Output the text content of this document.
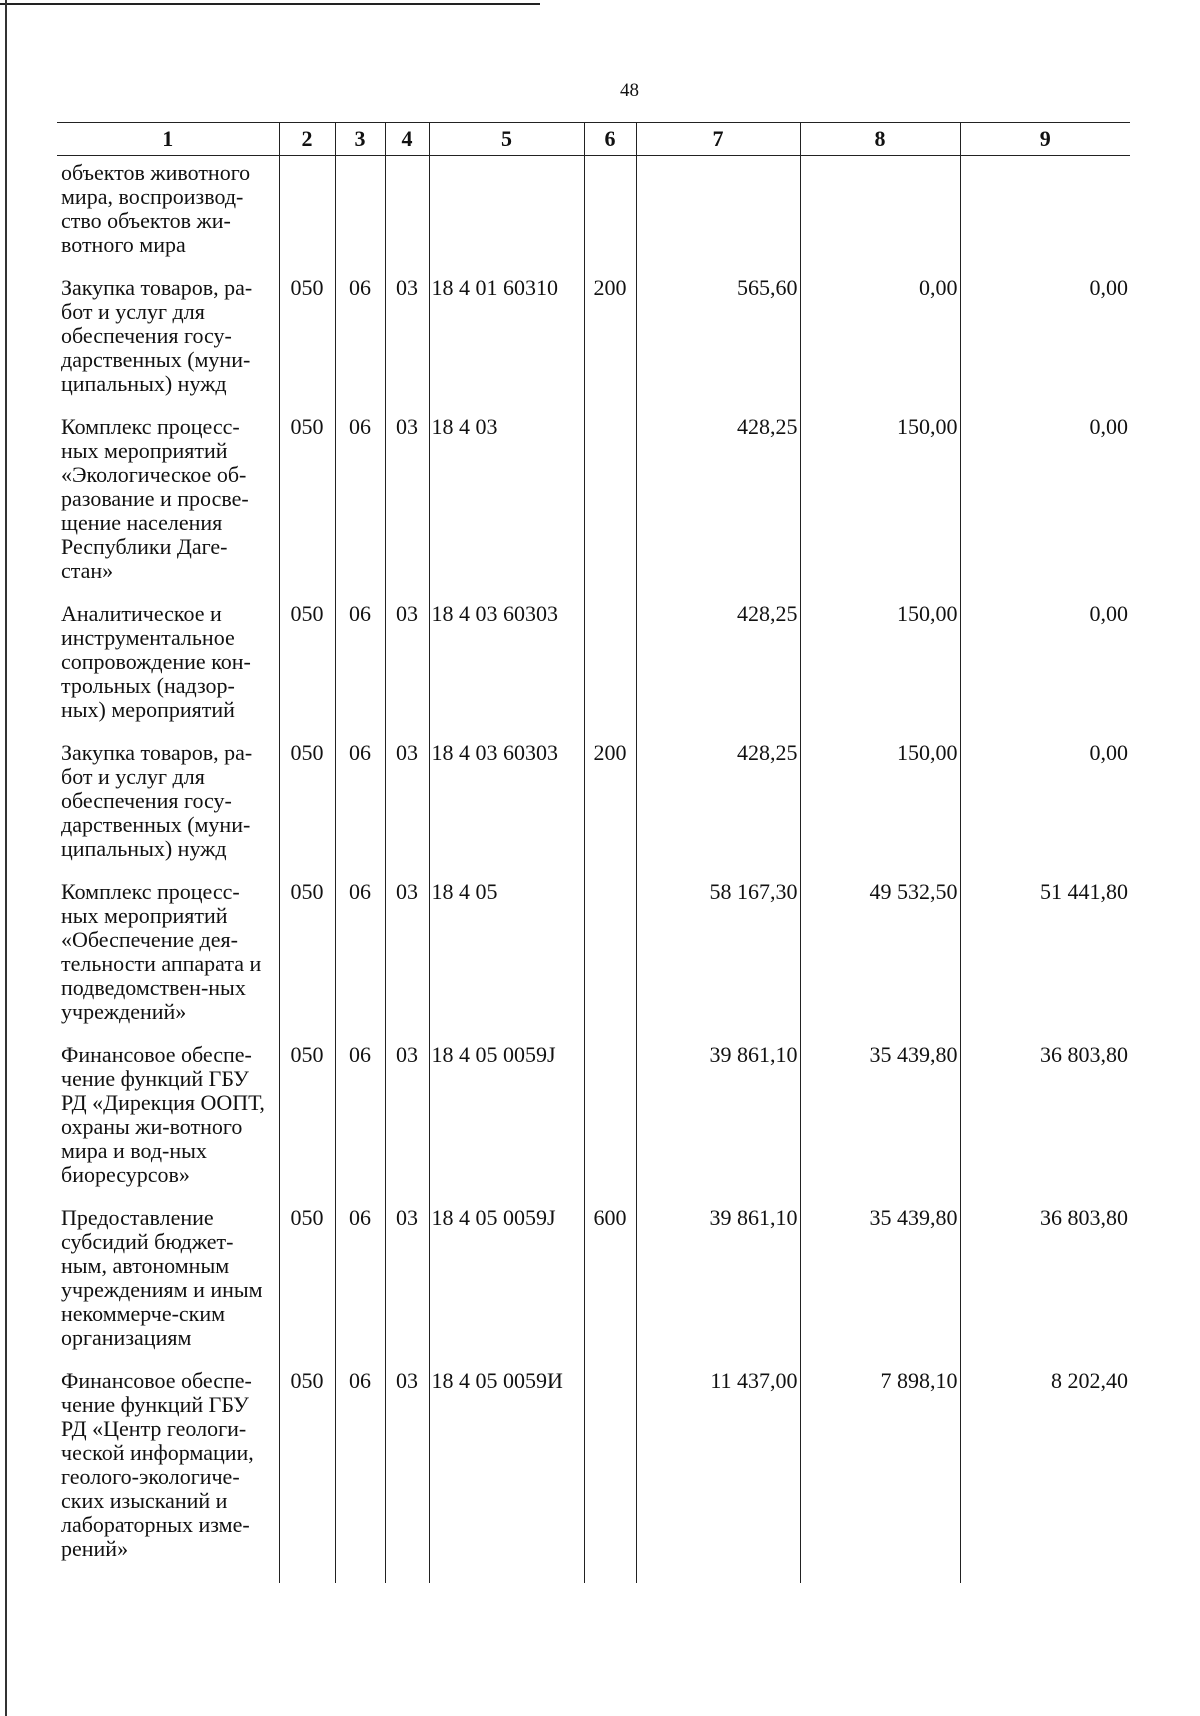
48
1	2	3	4	5	6	7	8	9
объектов животного мира, воспроизвод-ство объектов жи-вотного мира								
Закупка товаров, ра-бот и услуг для обеспечения госу-дарственных (муни-ципальных) нужд	050	06	03	18 4 01 60310	200	565,60	0,00	0,00
Комплекс процесс-ных мероприятий «Экологическое об-разование и просве-щение населения Республики Даге-стан»	050	06	03	18 4 03		428,25	150,00	0,00
Аналитическое и инструментальное сопровождение кон-трольных (надзор-ных) мероприятий	050	06	03	18 4 03 60303		428,25	150,00	0,00
Закупка товаров, ра-бот и услуг для обеспечения госу-дарственных (муни-ципальных) нужд	050	06	03	18 4 03 60303	200	428,25	150,00	0,00
Комплекс процесс-ных мероприятий «Обеспечение дея-тельности аппарата и подведомствен-ных учреждений»	050	06	03	18 4 05		58 167,30	49 532,50	51 441,80
Финансовое обеспе-чение функций ГБУ РД «Дирекция ООПТ, охраны жи-вотного мира и вод-ных биоресурсов»	050	06	03	18 4 05 0059J		39 861,10	35 439,80	36 803,80
Предоставление субсидий бюджет-ным, автономным учреждениям и иным некоммерче-ским организациям	050	06	03	18 4 05 0059J	600	39 861,10	35 439,80	36 803,80
Финансовое обеспе-чение функций ГБУ РД «Центр геологи-ческой информации, геолого-экологиче-ских изысканий и лабораторных изме-рений»	050	06	03	18 4 05 0059И		11 437,00	7 898,10	8 202,40
